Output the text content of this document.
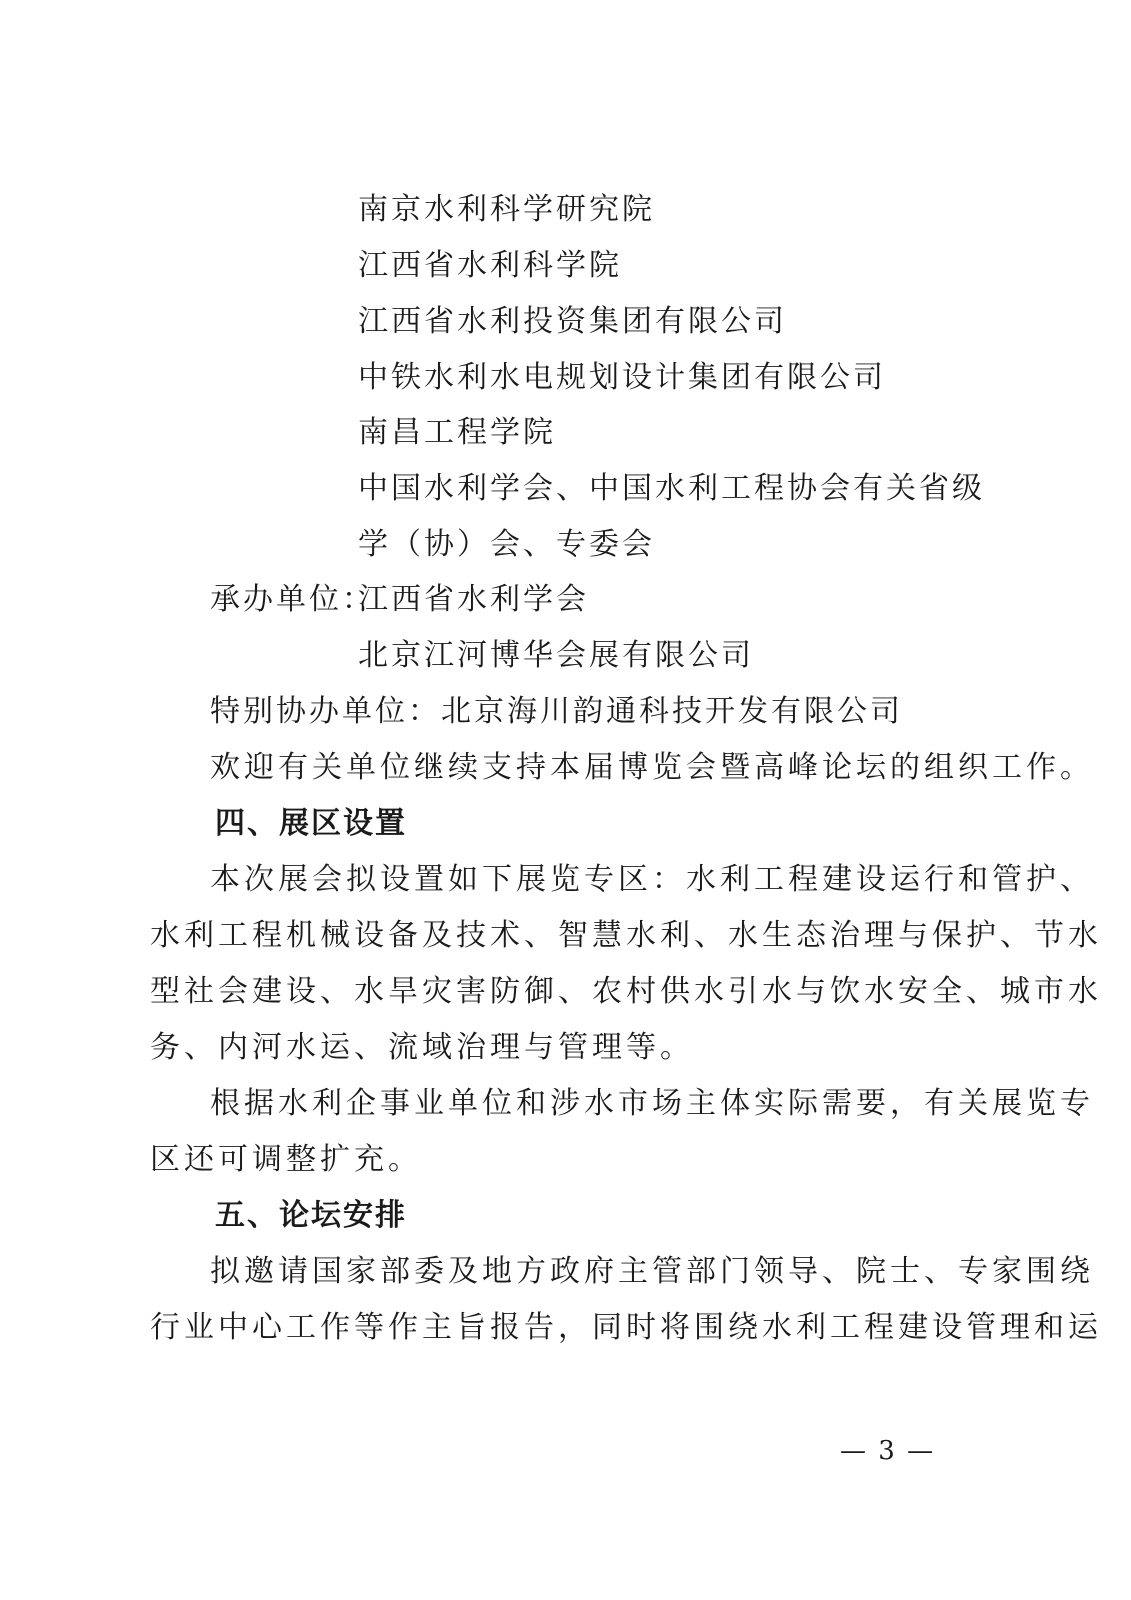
南京水利科学研究院
江西省水利科学院
江西省水利投资集团有限公司
中铁水利水电规划设计集团有限公司
南昌工程学院
中国水利学会、中国水利工程协会有关省级
学（协）会、专委会
承办单位：
江西省水利学会
北京江河博华会展有限公司
特别协办单位：北京海川韵通科技开发有限公司
欢迎有关单位继续支持本届博览会暨高峰论坛的组织工作。
四、展区设置
本次展会拟设置如下展览专区：水利工程建设运行和管护、
水利工程机械设备及技术、智慧水利、水生态治理与保护、节水
型社会建设、水旱灾害防御、农村供水引水与饮水安全、城市水
务、内河水运、流域治理与管理等。
根据水利企事业单位和涉水市场主体实际需要，有关展览专
区还可调整扩充。
五、论坛安排
拟邀请国家部委及地方政府主管部门领导、院士、专家围绕
行业中心工作等作主旨报告，同时将围绕水利工程建设管理和运
— 3 —
